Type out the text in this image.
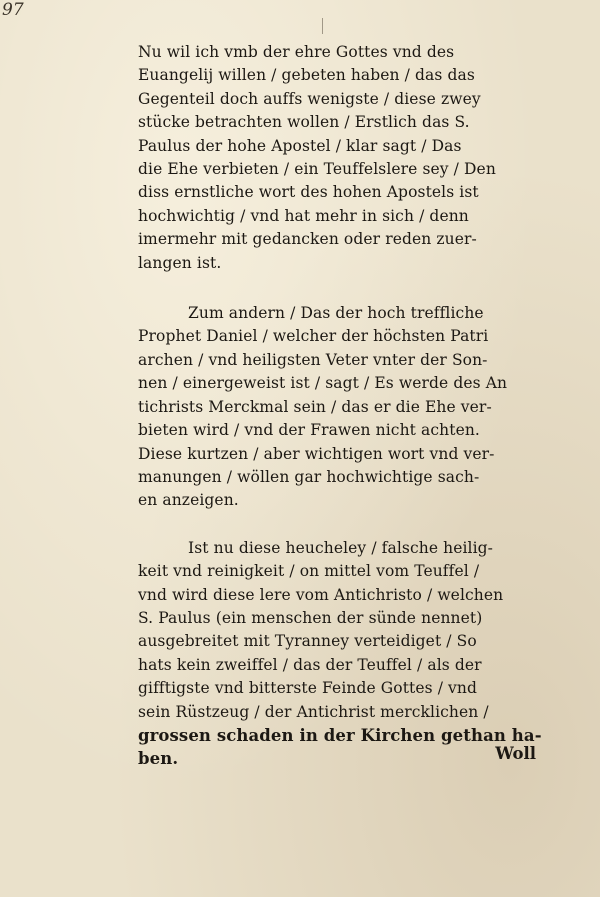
97

Nu wil ich vmb der ehre Gottes vnd des
Euangelij willen / gebeten haben / das das
Gegenteil doch auffs wenigste / diese zwey
stücke betrachten wollen / Erstlich das S.
Paulus der hohe Apostel / klar sagt / Das
die Ehe verbieten / ein Teuffelslere sey / Den
diss ernstliche wort des hohen Apostels ist
hochwichtig / vnd hat mehr in sich / denn
imermehr mit gedancken oder reden zuer-
langen ist.

Zum andern / Das der hoch treffliche
Prophet Daniel / welcher der höchsten Patri
archen / vnd heiligsten Veter vnter der Son-
nen / einergeweist ist / sagt / Es werde des An
tichrists Merckmal sein / das er die Ehe ver-
bieten wird / vnd der Frawen nicht achten.
Diese kurtzen / aber wichtigen wort vnd ver-
manungen / wöllen gar hochwichtige sach-
en anzeigen.

Ist nu diese heucheley / falsche heilig-
keit vnd reinigkeit / on mittel vom Teuffel /
vnd wird diese lere vom Antichristo / welchen
S. Paulus (ein menschen der sünde nennet)
ausgebreitet mit Tyranney verteidiget / So
hats kein zweiffel / das der Teuffel / als der
gifftigste vnd bitterste Feinde Gottes / vnd
sein Rüstzeug / der Antichrist mercklichen /
grossen schaden in der Kirchen gethan ha-
ben.	Woll
